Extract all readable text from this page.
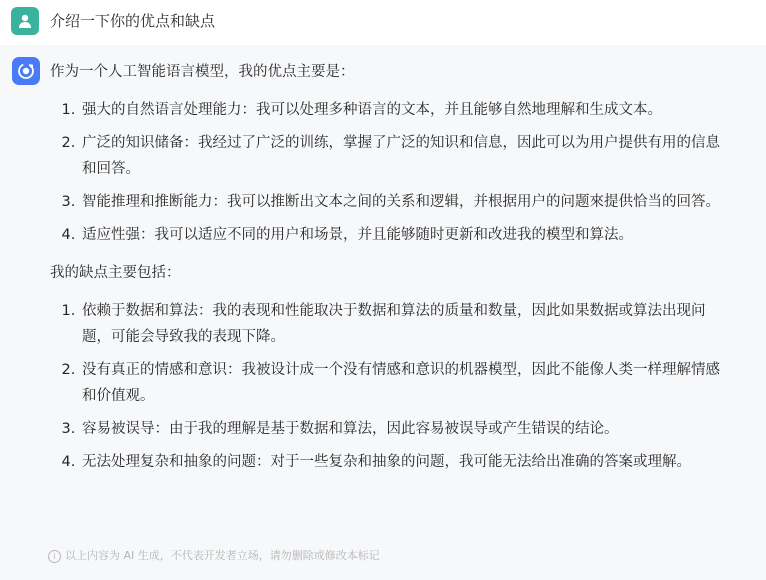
介绍一下你的优点和缺点

作为一个人工智能语言模型，我的优点主要是：

1. 强大的自然语言处理能力：我可以处理多种语言的文本，并且能够自然地理解和生成文本。
2. 广泛的知识储备：我经过了广泛的训练，掌握了广泛的知识和信息，因此可以为用户提供有用的信息和回答。
3. 智能推理和推断能力：我可以推断出文本之间的关系和逻辑，并根据用户的问题來提供恰当的回答。
4. 适应性强：我可以适应不同的用户和场景，并且能够随时更新和改进我的模型和算法。

我的缺点主要包括：

1. 依赖于数据和算法：我的表现和性能取决于数据和算法的质量和数量，因此如果数据或算法出现问题，可能会导致我的表现下降。
2. 没有真正的情感和意识：我被设计成一个没有情感和意识的机器模型，因此不能像人类一样理解情感和价值观。
3. 容易被误导：由于我的理解是基于数据和算法，因此容易被误导或产生错误的结论。
4. 无法处理复杂和抽象的问题：对于一些复杂和抽象的问题，我可能无法给出准确的答案或理解。
i 以上内容为 AI 生成，不代表开发者立场，请勿删除或修改本标记
